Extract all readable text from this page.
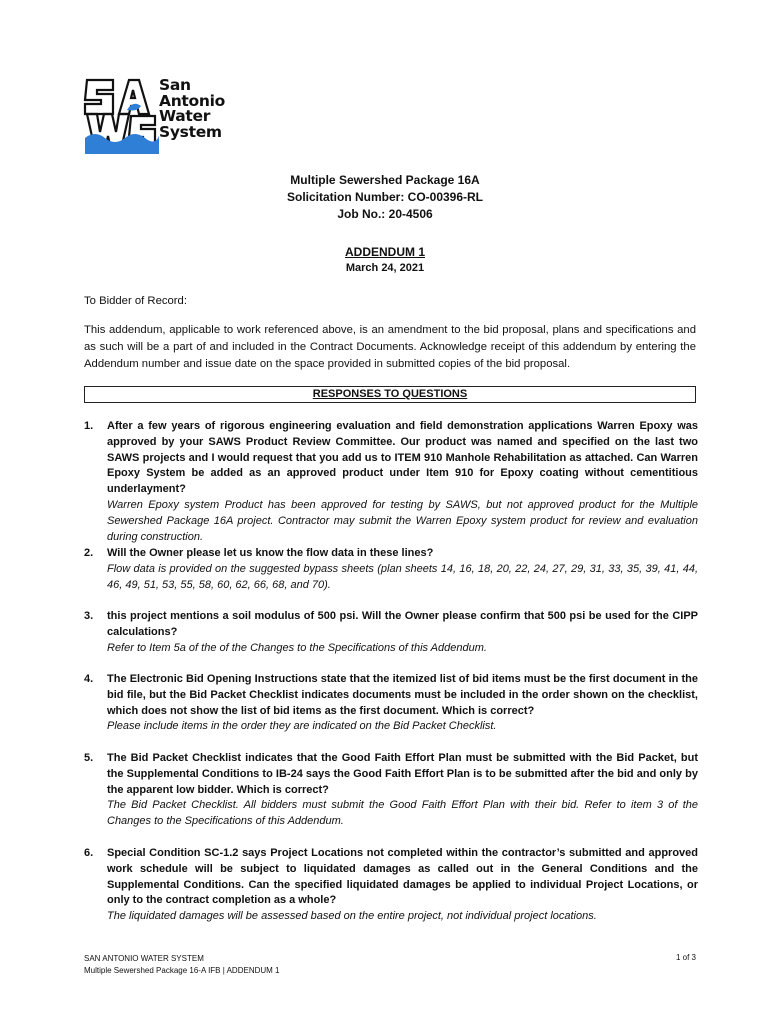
San
Antonio
Water
System
Multiple Sewershed Package 16A
Solicitation Number: CO-00396-RL
Job No.: 20-4506
ADDENDUM 1
March 24, 2021
To Bidder of Record:
This addendum, applicable to work referenced above, is an amendment to the bid proposal, plans and specifications and as such will be a part of and included in the Contract Documents. Acknowledge receipt of this addendum by entering the Addendum number and issue date on the space provided in submitted copies of the bid proposal.
RESPONSES TO QUESTIONS
1. After a few years of rigorous engineering evaluation and field demonstration applications Warren Epoxy was approved by your SAWS Product Review Committee. Our product was named and specified on the last two SAWS projects and I would request that you add us to ITEM 910 Manhole Rehabilitation as attached. Can Warren Epoxy System be added as an approved product under Item 910 for Epoxy coating without cementitious underlayment?
Warren Epoxy system Product has been approved for testing by SAWS, but not approved product for the Multiple Sewershed Package 16A project. Contractor may submit the Warren Epoxy system product for review and evaluation during construction.
2. Will the Owner please let us know the flow data in these lines?
Flow data is provided on the suggested bypass sheets (plan sheets 14, 16, 18, 20, 22, 24, 27, 29, 31, 33, 35, 39, 41, 44, 46, 49, 51, 53, 55, 58, 60, 62, 66, 68, and 70).
3. this project mentions a soil modulus of 500 psi. Will the Owner please confirm that 500 psi be used for the CIPP calculations?
Refer to Item 5a of the of the Changes to the Specifications of this Addendum.
4. The Electronic Bid Opening Instructions state that the itemized list of bid items must be the first document in the bid file, but the Bid Packet Checklist indicates documents must be included in the order shown on the checklist, which does not show the list of bid items as the first document. Which is correct?
Please include items in the order they are indicated on the Bid Packet Checklist.
5. The Bid Packet Checklist indicates that the Good Faith Effort Plan must be submitted with the Bid Packet, but the Supplemental Conditions to IB-24 says the Good Faith Effort Plan is to be submitted after the bid and only by the apparent low bidder. Which is correct?
The Bid Packet Checklist. All bidders must submit the Good Faith Effort Plan with their bid. Refer to item 3 of the Changes to the Specifications of this Addendum.
6. Special Condition SC-1.2 says Project Locations not completed within the contractor’s submitted and approved work schedule will be subject to liquidated damages as called out in the General Conditions and the Supplemental Conditions. Can the specified liquidated damages be applied to individual Project Locations, or only to the contract completion as a whole?
The liquidated damages will be assessed based on the entire project, not individual project locations.
SAN ANTONIO WATER SYSTEM
Multiple Sewershed Package 16-A IFB | ADDENDUM 1
1 of 3
